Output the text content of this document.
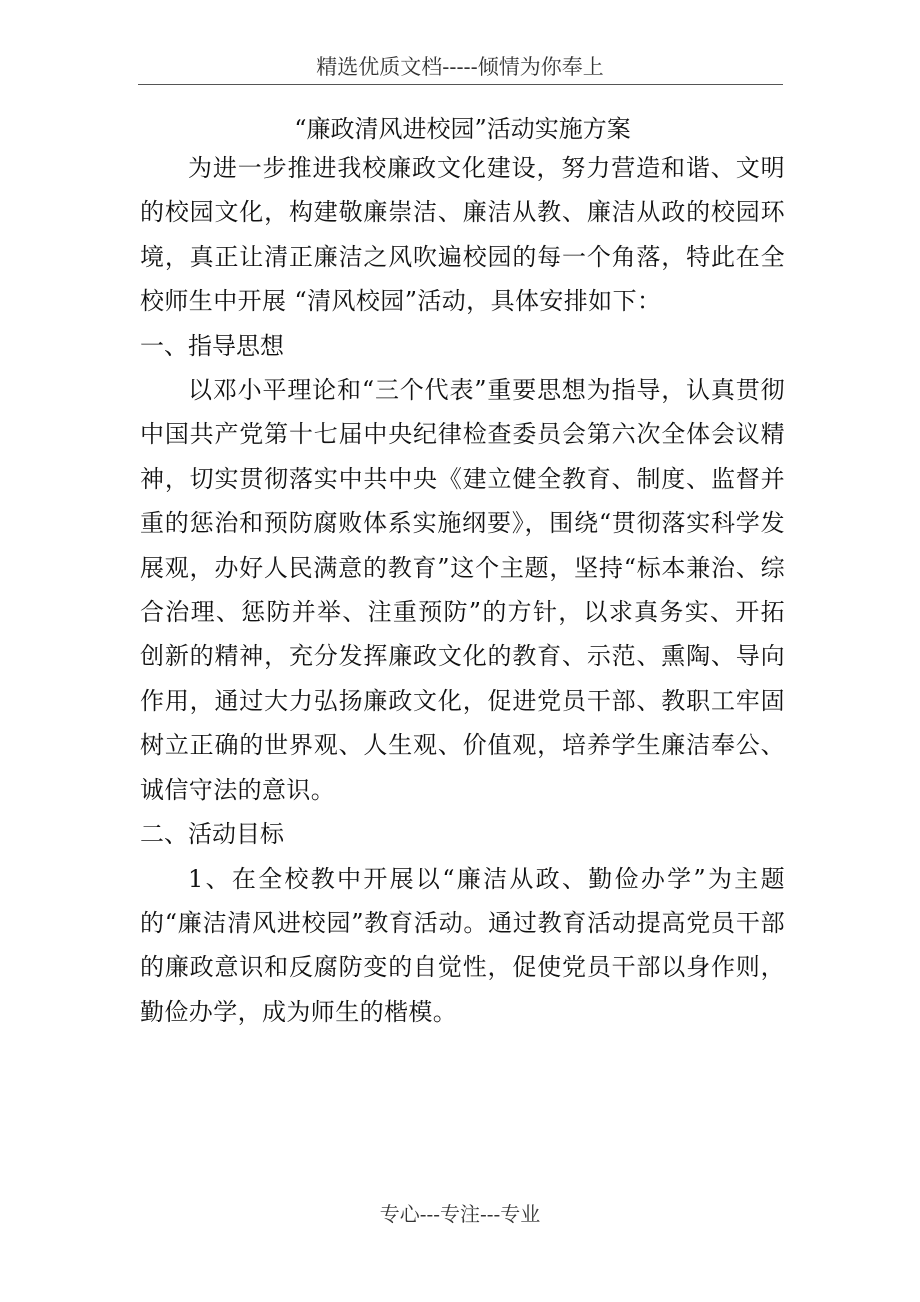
精选优质文档-----倾情为你奉上
“廉政清风进校园”活动实施方案

为进一步推进我校廉政文化建设，努力营造和谐、文明的校园文化，构建敬廉崇洁、廉洁从教、廉洁从政的校园环境，真正让清正廉洁之风吹遍校园的每一个角落，特此在全校师生中开展 “清风校园”活动，具体安排如下：

一、指导思想

以邓小平理论和“三个代表”重要思想为指导，认真贯彻中国共产党第十七届中央纪律检查委员会第六次全体会议精神，切实贯彻落实中共中央《建立健全教育、制度、监督并重的惩治和预防腐败体系实施纲要》，围绕“贯彻落实科学发展观，办好人民满意的教育”这个主题，坚持“标本兼治、综合治理、惩防并举、注重预防”的方针，以求真务实、开拓创新的精神，充分发挥廉政文化的教育、示范、熏陶、导向作用，通过大力弘扬廉政文化，促进党员干部、教职工牢固树立正确的世界观、人生观、价值观，培养学生廉洁奉公、诚信守法的意识。

二、活动目标

1、在全校教中开展以“廉洁从政、勤俭办学”为主题的“廉洁清风进校园”教育活动。通过教育活动提高党员干部的廉政意识和反腐防变的自觉性，促使党员干部以身作则，勤俭办学，成为师生的楷模。

专心---专注---专业
